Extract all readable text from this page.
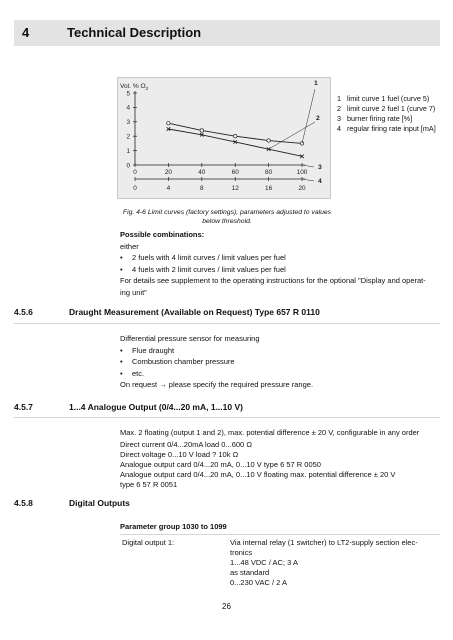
4	Technical Description
Vol. % $O_2$
0
1
2
3
4
5
0	20	40	60	80	100
0	4	8	12	16	20
1
2
3
4
1 limit curve 1 fuel (curve 5)
2 limit curve 2 fuel 1 (curve 7)
3 burner firing rate [%]
4 regular firing rate input [mA]
Fig. 4-6 Limit curves (factory settings), parameters adjusted to values
below threshold.

Possible combinations:

either

•	2 fuels with 4 limit curves / limit values per fuel
•	4 fuels with 2 limit curves / limit values per fuel

For details see supplement to the operating instructions for the optional "Display and operat-

ing unit"

4.5.6	Draught Measurement (Available on Request) Type 657 R 0110

Differential pressure sensor for measuring

•	Flue draught
•	Combustion chamber pressure
•	etc.

On request → please specify the required pressure range.

4.5.7	1...4 Analogue Output (0/4...20 mA, 1...10 V)

Max. 2 floating (output 1 and 2), max. potential difference ± 20 V, configurable in any order

Direct current 0/4...20mA load 0...600 Ω

Direct voltage 0...10 V load ? 10k Ω

Analogue output card 0/4...20 mA, 0...10 V type 6 57 R 0050

Analogue output card 0/4...20 mA, 0...10 V floating max. potential difference ± 20 V

type 6 57 R 0051

4.5.8	Digital Outputs
Parameter group 1030 to 1099
Digital output 1:	Via internal relay (1 switcher) to LT2-supply section elec-
tronics
1...48 VDC / AC; 3 A
as standard
0...230 VAC / 2 A
26
